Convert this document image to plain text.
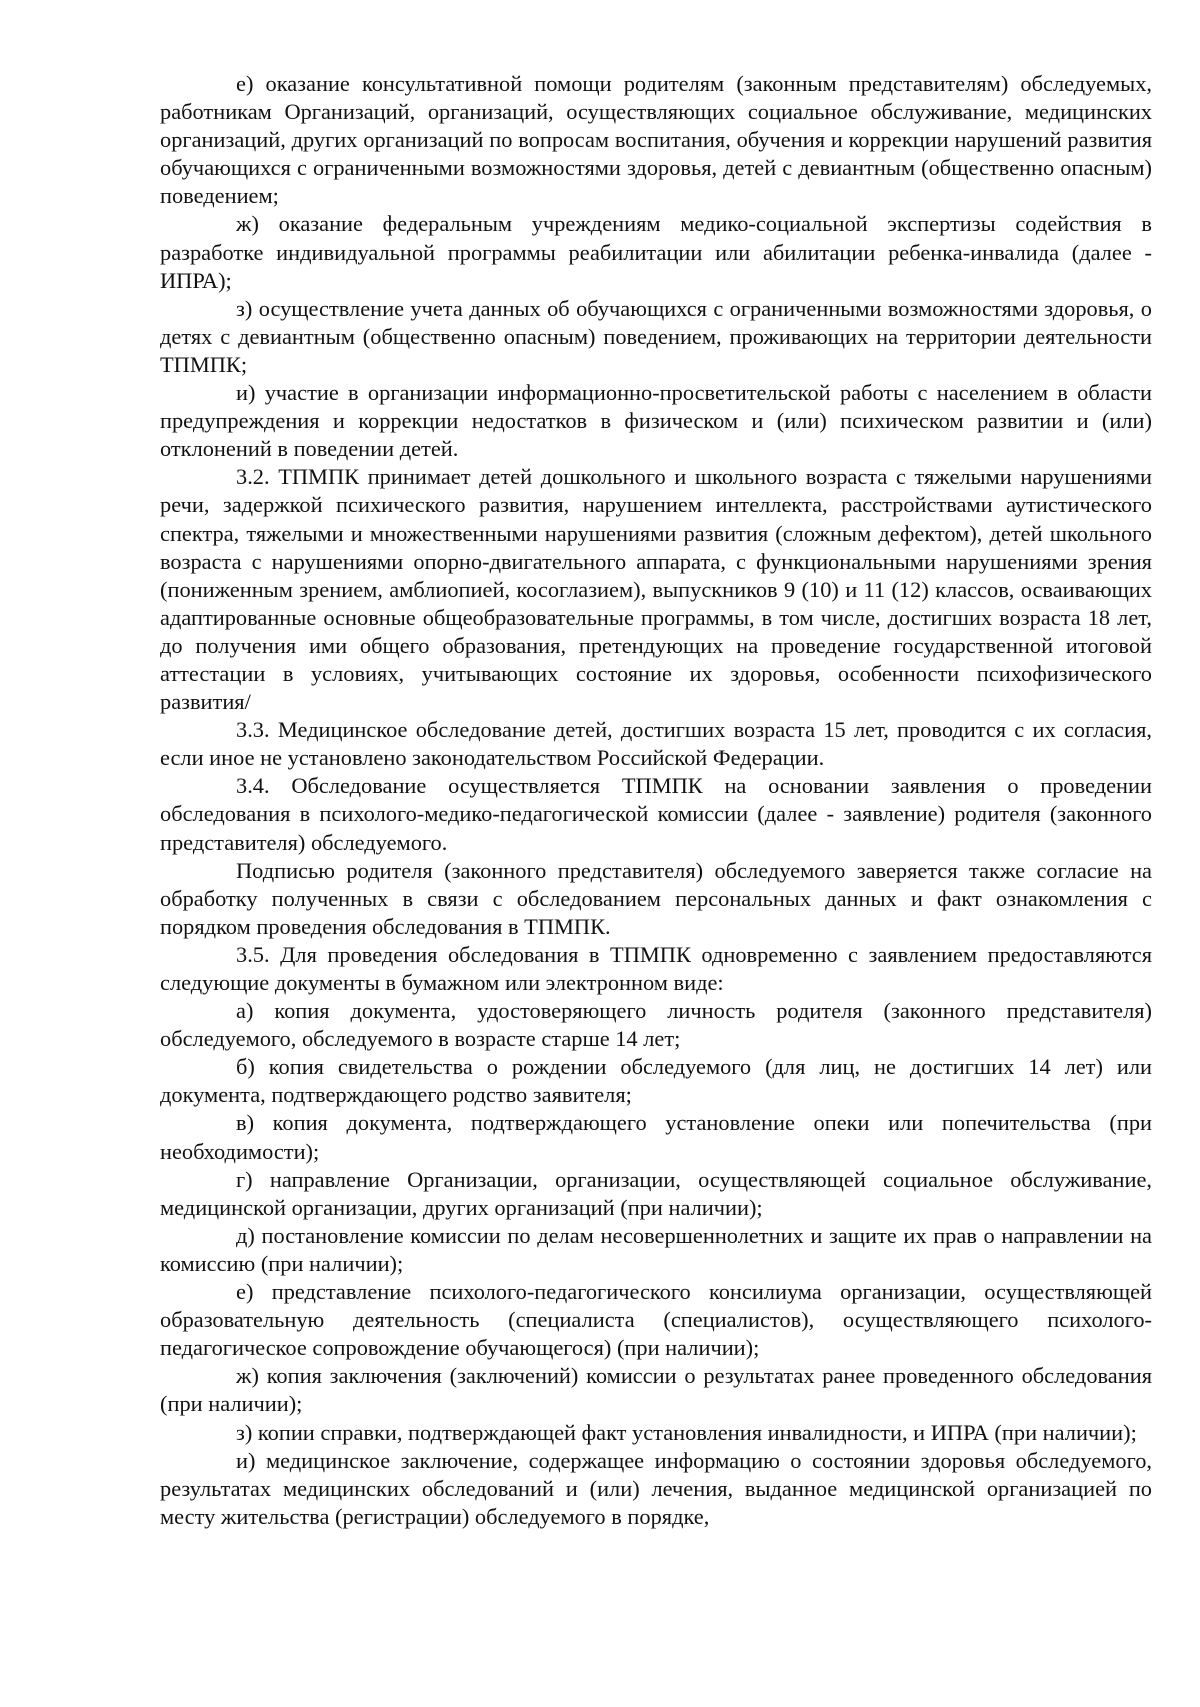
е) оказание консультативной помощи родителям (законным представителям) обследуемых, работникам Организаций, организаций, осуществляющих социальное обслуживание, медицинских организаций, других организаций по вопросам воспитания, обучения и коррекции нарушений развития обучающихся с ограниченными возможностями здоровья, детей с девиантным (общественно опасным) поведением;

ж) оказание федеральным учреждениям медико-социальной экспертизы содействия в разработке индивидуальной программы реабилитации или абилитации ребенка-инвалида (далее - ИПРА);

з) осуществление учета данных об обучающихся с ограниченными возможностями здоровья, о детях с девиантным (общественно опасным) поведением, проживающих на территории деятельности ТПМПК;

и) участие в организации информационно-просветительской работы с населением в области предупреждения и коррекции недостатков в физическом и (или) психическом развитии и (или) отклонений в поведении детей.

3.2. ТПМПК принимает детей дошкольного и школьного возраста с тяжелыми нарушениями речи, задержкой психического развития, нарушением интеллекта, расстройствами аутистического спектра, тяжелыми и множественными нарушениями развития (сложным дефектом), детей школьного возраста с нарушениями опорно-двигательного аппарата, с функциональными нарушениями зрения (пониженным зрением, амблиопией, косоглазием), выпускников 9 (10) и 11 (12) классов, осваивающих адаптированные основные общеобразовательные программы, в том числе, достигших возраста 18 лет, до получения ими общего образования, претендующих на проведение государственной итоговой аттестации в условиях, учитывающих состояние их здоровья, особенности психофизического развития/

3.3. Медицинское обследование детей, достигших возраста 15 лет, проводится с их согласия, если иное не установлено законодательством Российской Федерации.

3.4. Обследование осуществляется ТПМПК на основании заявления о проведении обследования в психолого-медико-педагогической комиссии (далее - заявление) родителя (законного представителя) обследуемого.

Подписью родителя (законного представителя) обследуемого заверяется также согласие на обработку полученных в связи с обследованием персональных данных и факт ознакомления с порядком проведения обследования в ТПМПК.

3.5. Для проведения обследования в ТПМПК одновременно с заявлением предоставляются следующие документы в бумажном или электронном виде:

а) копия документа, удостоверяющего личность родителя (законного представителя) обследуемого, обследуемого в возрасте старше 14 лет;

б) копия свидетельства о рождении обследуемого (для лиц, не достигших 14 лет) или документа, подтверждающего родство заявителя;

в) копия документа, подтверждающего установление опеки или попечительства (при необходимости);

г) направление Организации, организации, осуществляющей социальное обслуживание, медицинской организации, других организаций (при наличии);

д) постановление комиссии по делам несовершеннолетних и защите их прав о направлении на комиссию (при наличии);

е) представление психолого-педагогического консилиума организации, осуществляющей образовательную деятельность (специалиста (специалистов), осуществляющего психолого-педагогическое сопровождение обучающегося) (при наличии);

ж) копия заключения (заключений) комиссии о результатах ранее проведенного обследования (при наличии);

з) копии справки, подтверждающей факт установления инвалидности, и ИПРА (при наличии);

и) медицинское заключение, содержащее информацию о состоянии здоровья обследуемого, результатах медицинских обследований и (или) лечения, выданное медицинской организацией по месту жительства (регистрации) обследуемого в порядке,
